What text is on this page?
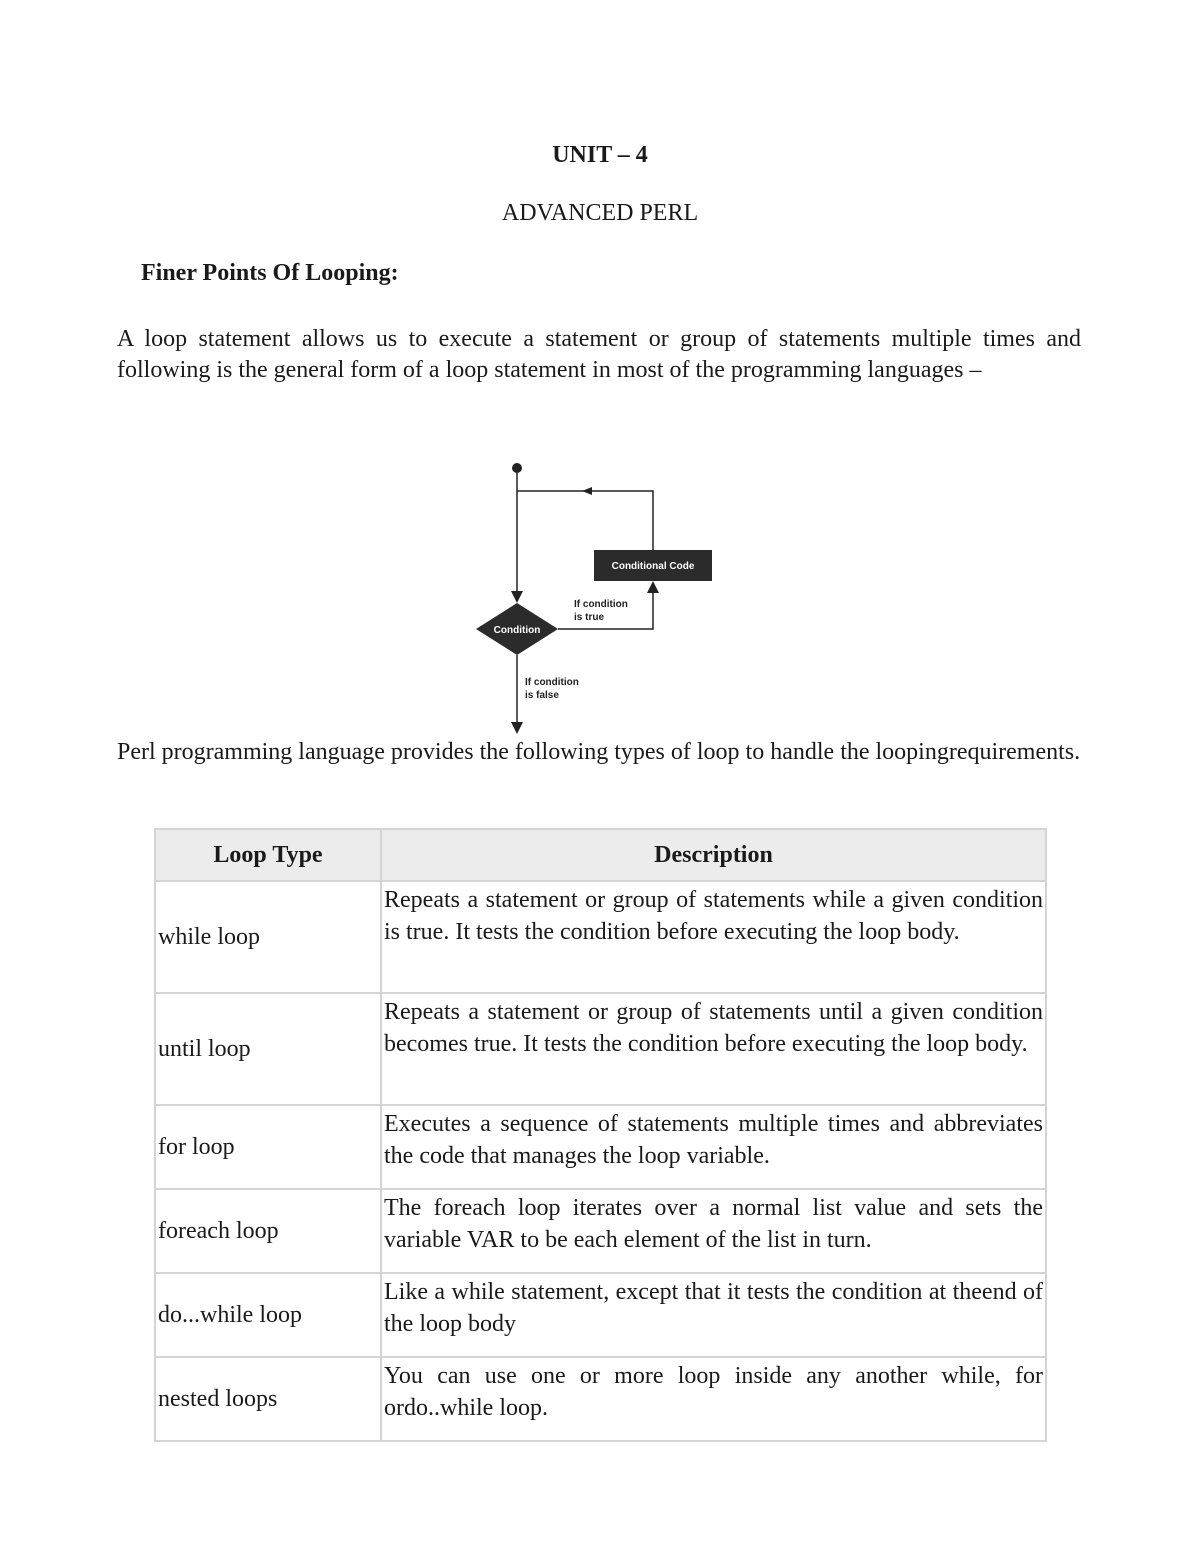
UNIT – 4
ADVANCED PERL
Finer Points Of Looping:
A loop statement allows us to execute a statement or group of statements multiple times and following is the general form of a loop statement in most of the programming languages –
Conditional Code
Condition
If condition
is true
If condition
is false
Perl programming language provides the following types of loop to handle the loopingrequirements.
Loop Type	Description
while loop	Repeats a statement or group of statements while a given condition is true. It tests the condition before executing the loop body.
until loop	Repeats a statement or group of statements until a given condition becomes true. It tests the condition before executing the loop body.
for loop	Executes a sequence of statements multiple times and abbreviates the code that manages the loop variable.
foreach loop	The foreach loop iterates over a normal list value and sets the variable VAR to be each element of the list in turn.
do...while loop	Like a while statement, except that it tests the condition at theend of the loop body
nested loops	You can use one or more loop inside any another while, for ordo..while loop.
